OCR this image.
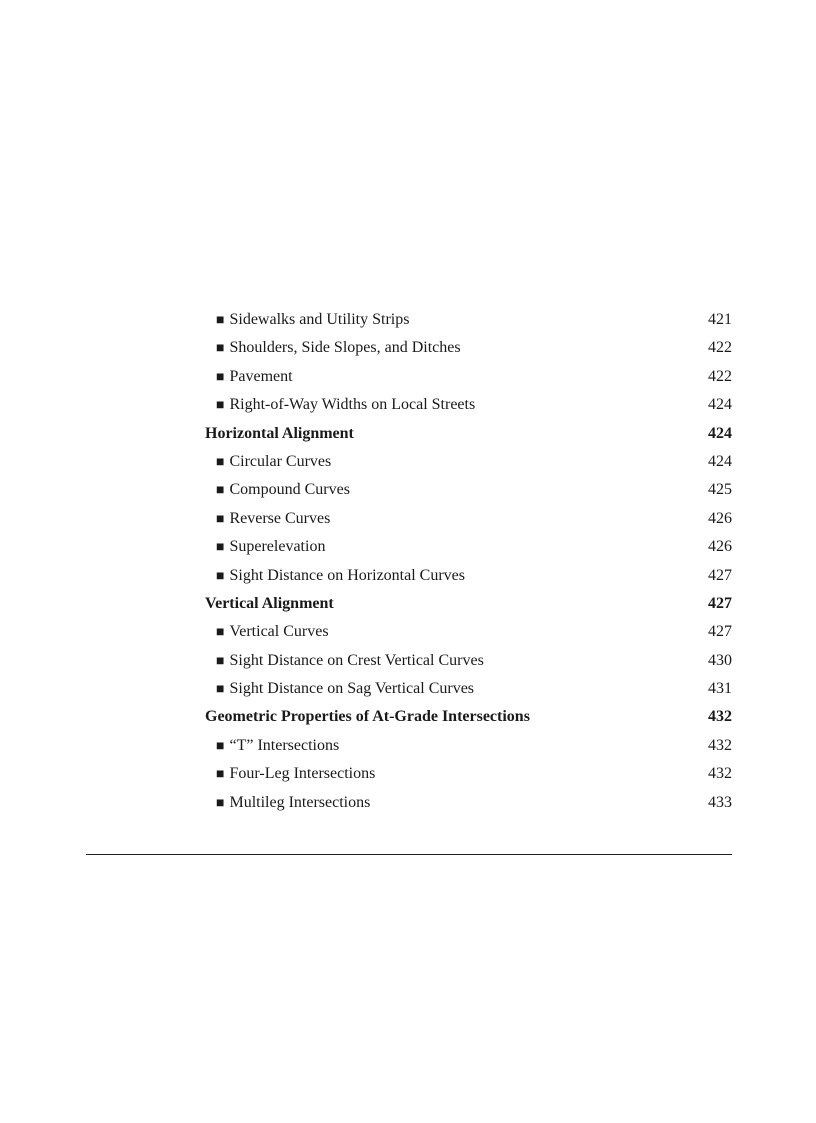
■ Sidewalks and Utility Strips	421
■ Shoulders, Side Slopes, and Ditches	422
■ Pavement	422
■ Right-of-Way Widths on Local Streets	424
Horizontal Alignment	424
■ Circular Curves	424
■ Compound Curves	425
■ Reverse Curves	426
■ Superelevation	426
■ Sight Distance on Horizontal Curves	427
Vertical Alignment	427
■ Vertical Curves	427
■ Sight Distance on Crest Vertical Curves	430
■ Sight Distance on Sag Vertical Curves	431
Geometric Properties of At-Grade Intersections	432
■ “T” Intersections	432
■ Four-Leg Intersections	432
■ Multileg Intersections	433
